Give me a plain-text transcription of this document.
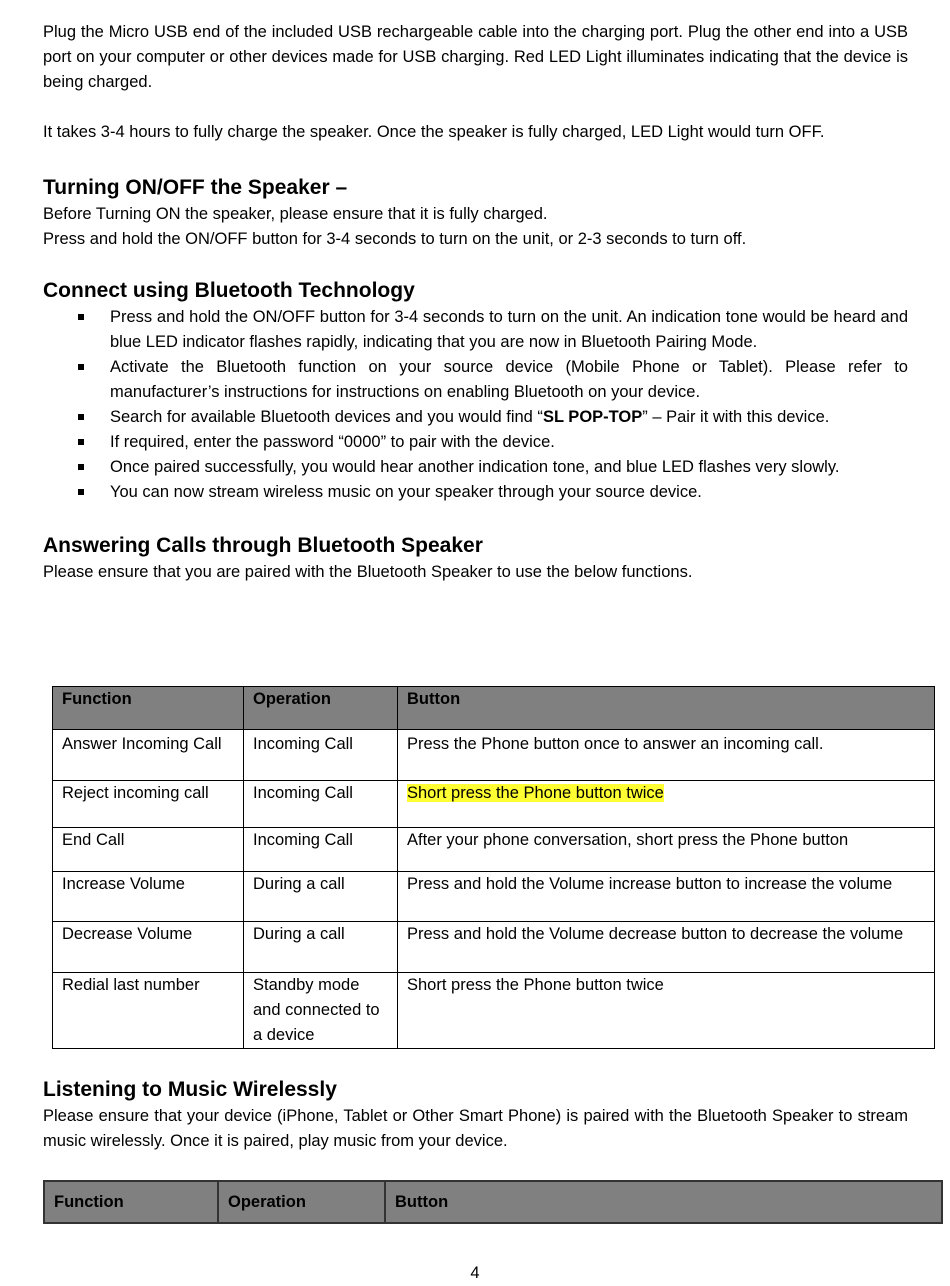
Plug the Micro USB end of the included USB rechargeable cable into the charging port. Plug the other end into a USB port on your computer or other devices made for USB charging. Red LED Light illuminates indicating that the device is being charged.

It takes 3-4 hours to fully charge the speaker. Once the speaker is fully charged, LED Light would turn OFF.

Turning ON/OFF the Speaker –

Before Turning ON the speaker, please ensure that it is fully charged.

Press and hold the ON/OFF button for 3-4 seconds to turn on the unit, or 2-3 seconds to turn off.

Connect using Bluetooth Technology
Press and hold the ON/OFF button for 3-4 seconds to turn on the unit. An indication tone would be heard and blue LED indicator flashes rapidly, indicating that you are now in Bluetooth Pairing Mode.
Activate the Bluetooth function on your source device (Mobile Phone or Tablet). Please refer to manufacturer’s instructions for instructions on enabling Bluetooth on your device.
Search for available Bluetooth devices and you would find “SL POP-TOP” – Pair it with this device.
If required, enter the password “0000” to pair with the device.
Once paired successfully, you would hear another indication tone, and blue LED flashes very slowly.
You can now stream wireless music on your speaker through your source device.
Answering Calls through Bluetooth Speaker

Please ensure that you are paired with the Bluetooth Speaker to use the below functions.

Function	Operation	Button
Answer Incoming Call	Incoming Call	Press the Phone button once to answer an incoming call.
Reject incoming call	Incoming Call	Short press the Phone button twice
End Call	Incoming Call	After your phone conversation, short press the Phone button
Increase Volume	During a call	Press and hold the Volume increase button to increase the volume
Decrease Volume	During a call	Press and hold the Volume decrease button to decrease the volume
Redial last number	Standby mode and connected to a device	Short press the Phone button twice
Listening to Music Wirelessly

Please ensure that your device (iPhone, Tablet or Other Smart Phone) is paired with the Bluetooth Speaker to stream music wirelessly. Once it is paired, play music from your device.

Function	Operation	Button
4
